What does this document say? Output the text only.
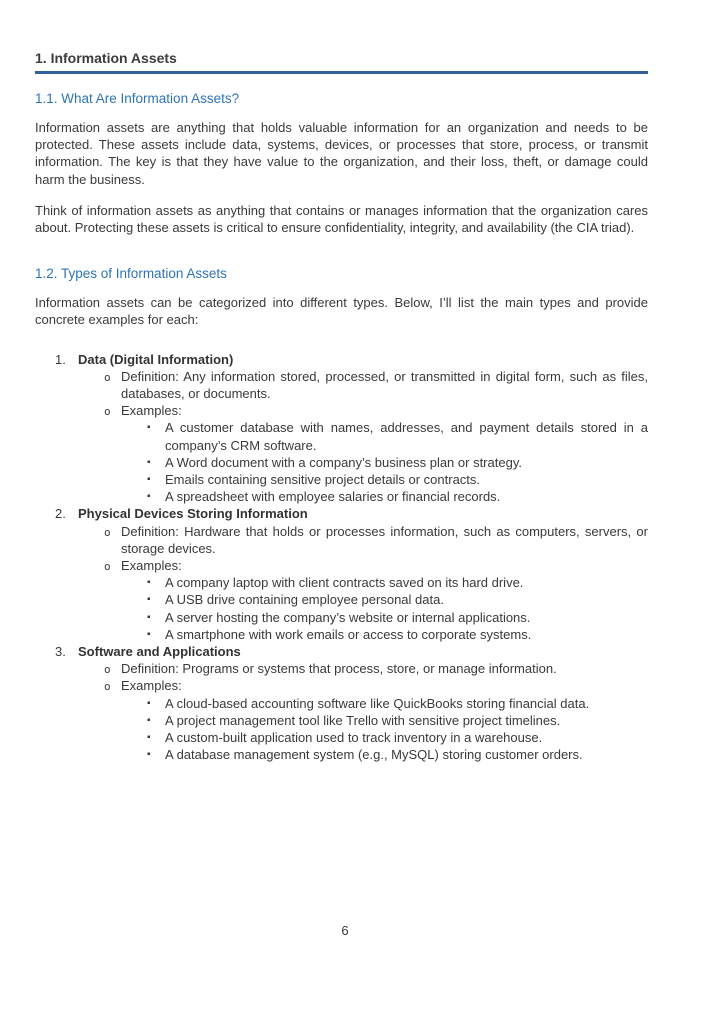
1. Information Assets
1.1. What Are Information Assets?

Information assets are anything that holds valuable information for an organization and needs to be protected. These assets include data, systems, devices, or processes that store, process, or transmit information. The key is that they have value to the organization, and their loss, theft, or damage could harm the business.

Think of information assets as anything that contains or manages information that the organization cares about. Protecting these assets is critical to ensure confidentiality, integrity, and availability (the CIA triad).

1.2. Types of Information Assets

Information assets can be categorized into different types. Below, I’ll list the main types and provide concrete examples for each:

1. Data (Digital Information)
o Definition: Any information stored, processed, or transmitted in digital form, such as files, databases, or documents.
o Examples:
▪ A customer database with names, addresses, and payment details stored in a company’s CRM software.
▪ A Word document with a company’s business plan or strategy.
▪ Emails containing sensitive project details or contracts.
▪ A spreadsheet with employee salaries or financial records.
2. Physical Devices Storing Information
o Definition: Hardware that holds or processes information, such as computers, servers, or storage devices.
o Examples:
▪ A company laptop with client contracts saved on its hard drive.
▪ A USB drive containing employee personal data.
▪ A server hosting the company’s website or internal applications.
▪ A smartphone with work emails or access to corporate systems.
3. Software and Applications
o Definition: Programs or systems that process, store, or manage information.
o Examples:
▪ A cloud-based accounting software like QuickBooks storing financial data.
▪ A project management tool like Trello with sensitive project timelines.
▪ A custom-built application used to track inventory in a warehouse.
▪ A database management system (e.g., MySQL) storing customer orders.
6
